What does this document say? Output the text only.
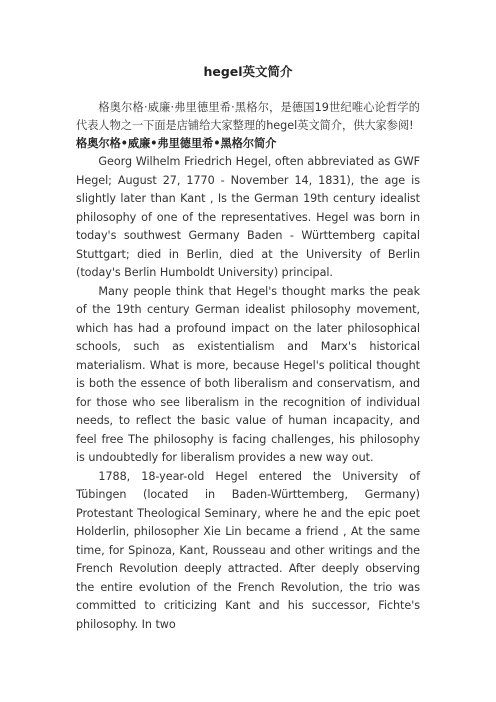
hegel英文简介

格奥尔格·威廉·弗里德里希·黑格尔，是德国19世纪唯心论哲学的代表人物之一下面是店铺给大家整理的hegel英文简介，供大家参阅!

格奥尔格•威廉•弗里德里希•黑格尔简介

Georg Wilhelm Friedrich Hegel, often abbreviated as GWF Hegel; August 27, 1770 - November 14, 1831), the age is slightly later than Kant , Is the German 19th century idealist philosophy of one of the representatives. Hegel was born in today's southwest Germany Baden - Württemberg capital Stuttgart; died in Berlin, died at the University of Berlin (today's Berlin Humboldt University) principal.

Many people think that Hegel's thought marks the peak of the 19th century German idealist philosophy movement, which has had a profound impact on the later philosophical schools, such as existentialism and Marx's historical materialism. What is more, because Hegel's political thought is both the essence of both liberalism and conservatism, and for those who see liberalism in the recognition of individual needs, to reflect the basic value of human incapacity, and feel free The philosophy is facing challenges, his philosophy is undoubtedly for liberalism provides a new way out.

1788, 18-year-old Hegel entered the University of Tübingen (located in Baden-Württemberg, Germany) Protestant Theological Seminary, where he and the epic poet Holderlin, philosopher Xie Lin became a friend , At the same time, for Spinoza, Kant, Rousseau and other writings and the French Revolution deeply attracted. After deeply observing the entire evolution of the French Revolution, the trio was committed to criticizing Kant and his successor, Fichte's philosophy. In two
